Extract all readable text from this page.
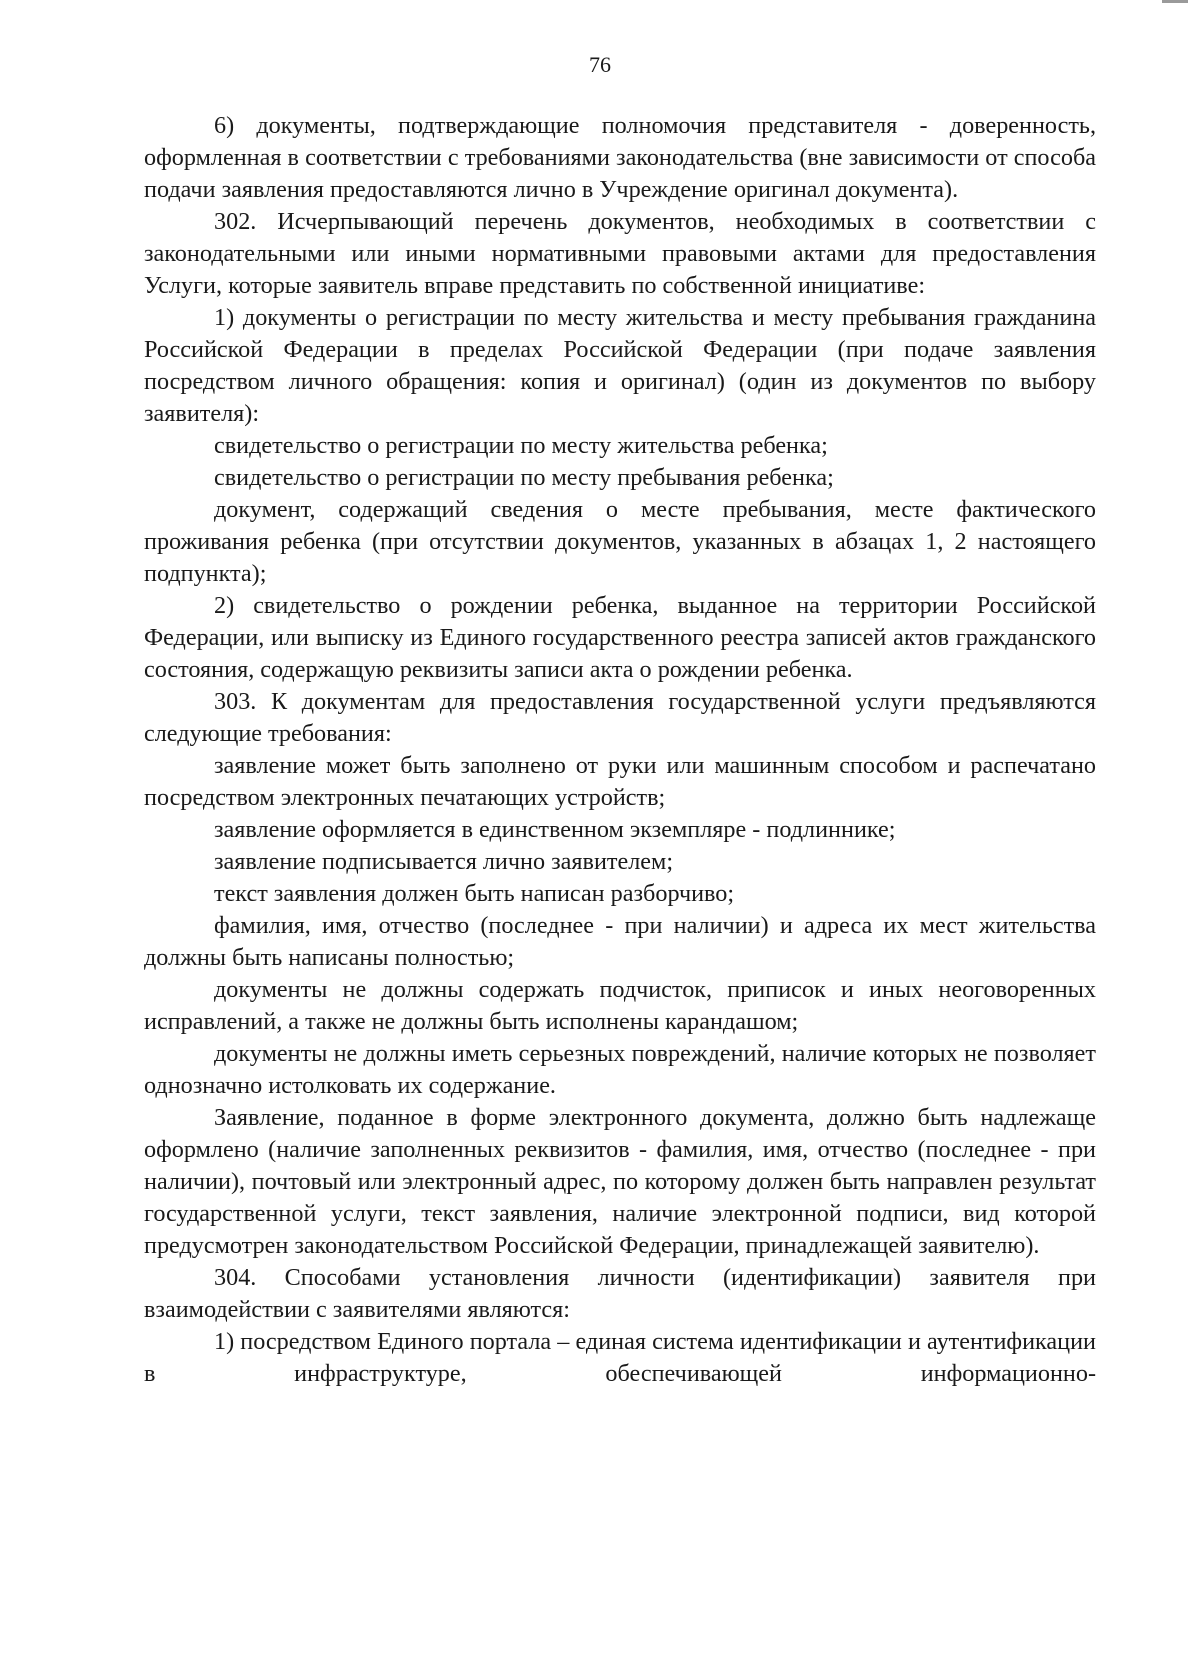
76

6) документы, подтверждающие полномочия представителя - доверенность, оформленная в соответствии с требованиями законодательства (вне зависимости от способа подачи заявления предоставляются лично в Учреждение оригинал документа).

302. Исчерпывающий перечень документов, необходимых в соответствии с законодательными или иными нормативными правовыми актами для предоставления Услуги, которые заявитель вправе представить по собственной инициативе:

1) документы о регистрации по месту жительства и месту пребывания гражданина Российской Федерации в пределах Российской Федерации (при подаче заявления посредством личного обращения: копия и оригинал) (один из документов по выбору заявителя):

свидетельство о регистрации по месту жительства ребенка;

свидетельство о регистрации по месту пребывания ребенка;

документ, содержащий сведения о месте пребывания, месте фактического проживания ребенка (при отсутствии документов, указанных в абзацах 1, 2 настоящего подпункта);

2) свидетельство о рождении ребенка, выданное на территории Российской Федерации, или выписку из Единого государственного реестра записей актов гражданского состояния, содержащую реквизиты записи акта о рождении ребенка.

303. К документам для предоставления государственной услуги предъявляются следующие требования:

заявление может быть заполнено от руки или машинным способом и распечатано посредством электронных печатающих устройств;

заявление оформляется в единственном экземпляре - подлиннике;

заявление подписывается лично заявителем;

текст заявления должен быть написан разборчиво;

фамилия, имя, отчество (последнее - при наличии) и адреса их мест жительства должны быть написаны полностью;

документы не должны содержать подчисток, приписок и иных неоговоренных исправлений, а также не должны быть исполнены карандашом;

документы не должны иметь серьезных повреждений, наличие которых не позволяет однозначно истолковать их содержание.

Заявление, поданное в форме электронного документа, должно быть надлежаще оформлено (наличие заполненных реквизитов - фамилия, имя, отчество (последнее - при наличии), почтовый или электронный адрес, по которому должен быть направлен результат государственной услуги, текст заявления, наличие электронной подписи, вид которой предусмотрен законодательством Российской Федерации, принадлежащей заявителю).

304. Способами установления личности (идентификации) заявителя при взаимодействии с заявителями являются:

1) посредством Единого портала – единая система идентификации и аутентификации в инфраструктуре, обеспечивающей информационно-
